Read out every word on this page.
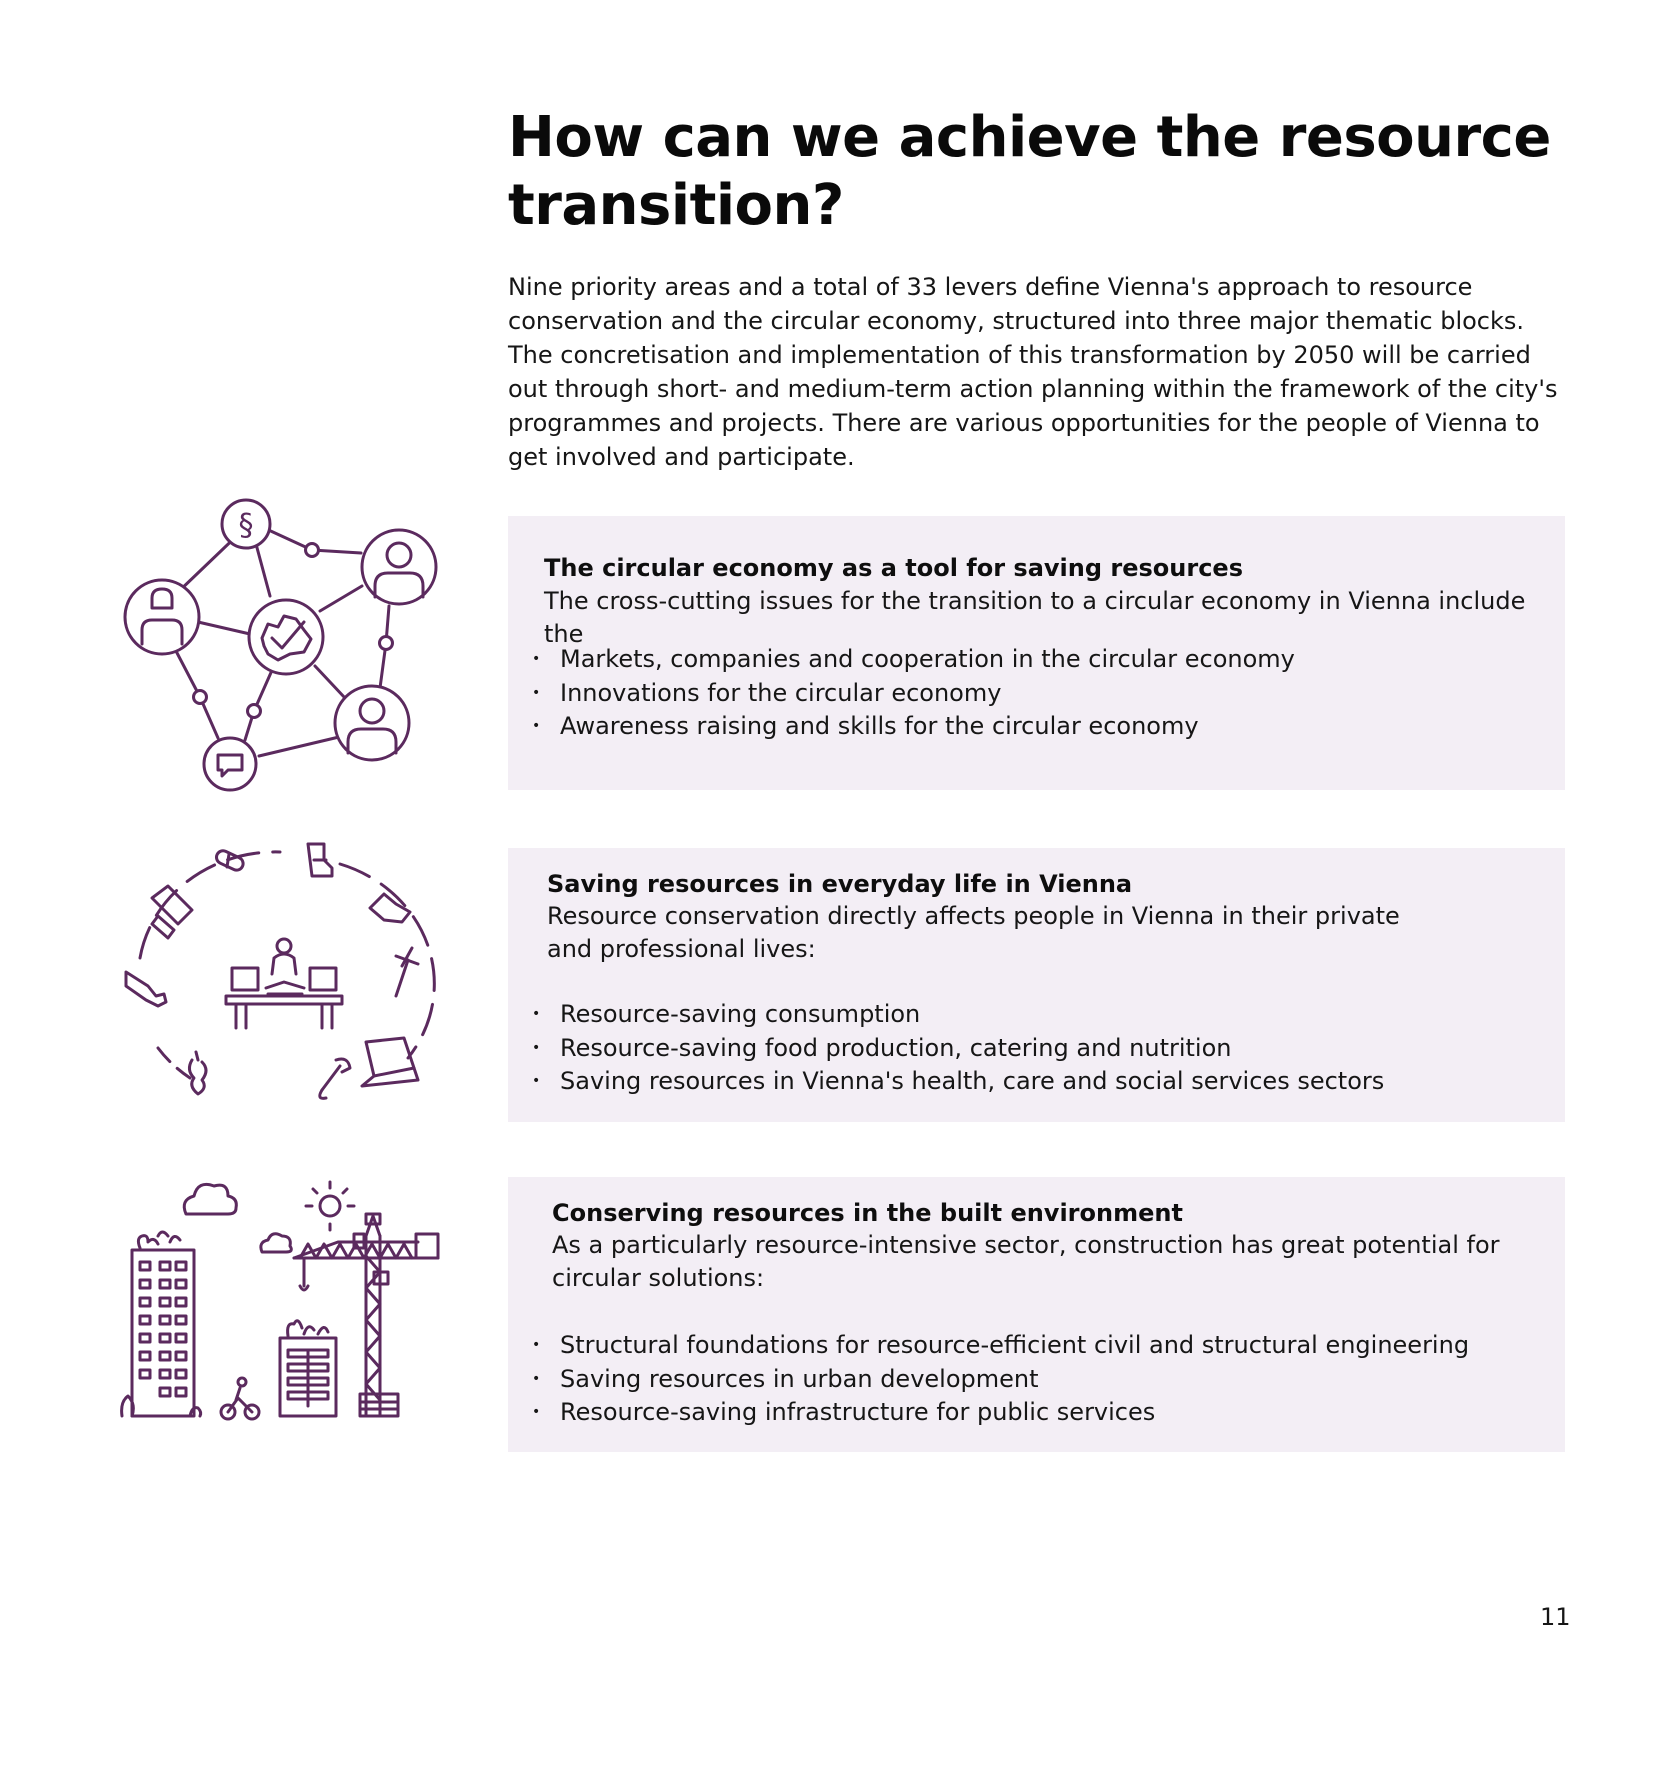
How can we achieve the resource transition?

Nine priority areas and a total of 33 levers define Vienna's approach to resource conservation and the circular economy, structured into three major thematic blocks. The concretisation and implementation of this transformation by 2050 will be carried out through short- and medium-term action planning within the framework of the city's programmes and projects. There are various opportunities for the people of Vienna to get involved and participate.

§

The circular economy as a tool for saving resources

The cross-cutting issues for the transition to a circular economy in Vienna include the

• Markets, companies and cooperation in the circular economy
• Innovations for the circular economy
• Awareness raising and skills for the circular economy

Saving resources in everyday life in Vienna

Resource conservation directly affects people in Vienna in their private and professional lives:

• Resource-saving consumption
• Resource-saving food production, catering and nutrition
• Saving resources in Vienna's health, care and social services sectors

Conserving resources in the built environment

As a particularly resource-intensive sector, construction has great potential for circular solutions:

• Structural foundations for resource-efficient civil and structural engineering
• Saving resources in urban development
• Resource-saving infrastructure for public services
11
